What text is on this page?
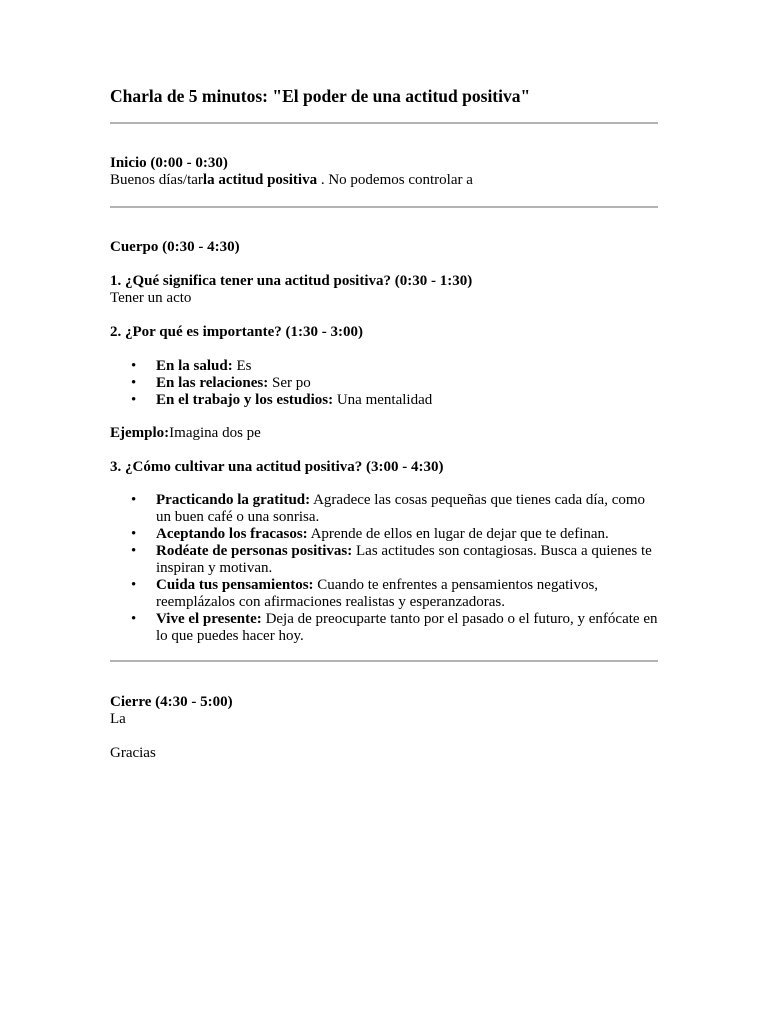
Charla de 5 minutos: "El poder de una actitud positiva"

Inicio (0:00 - 0:30)

Buenos días/tarla actitud positiva . No podemos controlar a

Cuerpo (0:30 - 4:30)

1. ¿Qué significa tener una actitud positiva? (0:30 - 1:30)

Tener un acto

2. ¿Por qué es importante? (1:30 - 3:00)

• En la salud: Es
• En las relaciones: Ser po
• En el trabajo y los estudios: Una mentalidad

Ejemplo:Imagina dos pe

3. ¿Cómo cultivar una actitud positiva? (3:00 - 4:30)

• Practicando la gratitud: Agradece las cosas pequeñas que tienes cada día, como un buen café o una sonrisa.
• Aceptando los fracasos: Aprende de ellos en lugar de dejar que te definan.
• Rodéate de personas positivas: Las actitudes son contagiosas. Busca a quienes te inspiran y motivan.
• Cuida tus pensamientos: Cuando te enfrentes a pensamientos negativos, reemplázalos con afirmaciones realistas y esperanzadoras.
• Vive el presente: Deja de preocuparte tanto por el pasado o el futuro, y enfócate en lo que puedes hacer hoy.

Cierre (4:30 - 5:00)

La

Gracias
